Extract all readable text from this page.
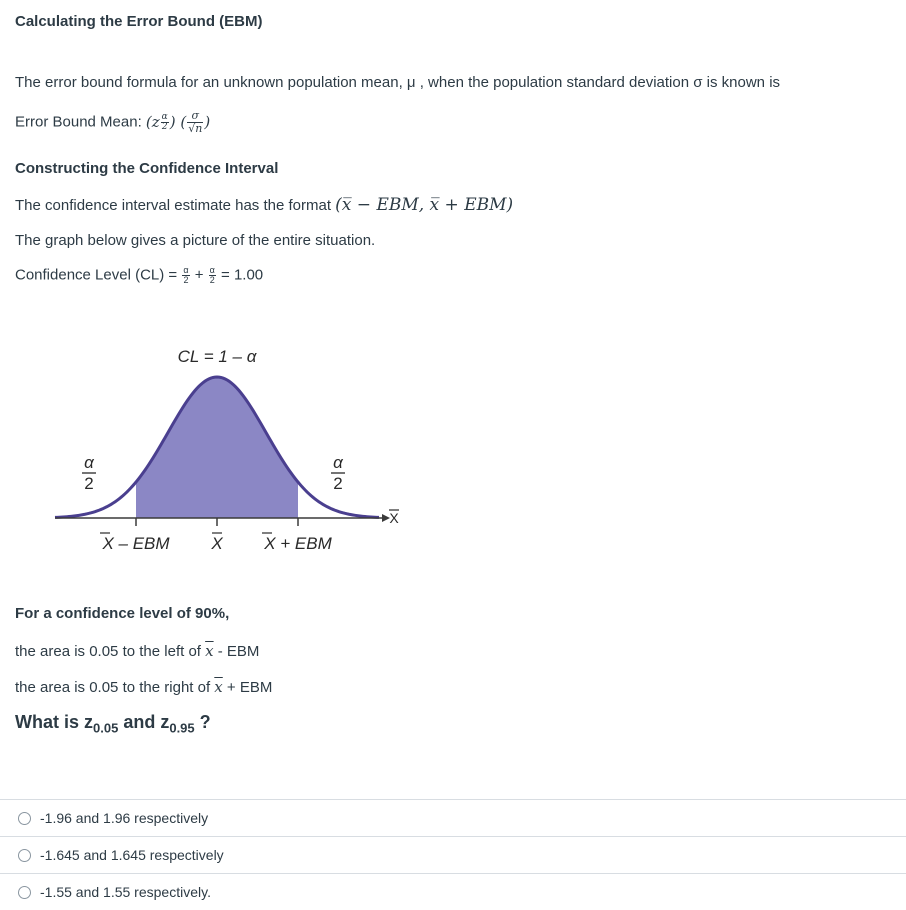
Calculating the Error Bound (EBM)
The error bound formula for an unknown population mean, μ , when the population standard deviation σ is known is
Error Bound Mean: ($z \frac{\alpha}{2}$ ) ( $\frac{\sigma}{√n}$ )
Constructing the Confidence Interval
The confidence interval estimate has the format (x̅ − EBM, x̅ + EBM)
The graph below gives a picture of the entire situation.
Confidence Level $(CL) = \frac{\alpha}{2} + \frac{\alpha}{2} = 1.00$
CL = 1 – α
α
2
α
2
X
X – EBM X X + EBM
For a confidence level of 90%,
the area is 0.05 to the left of $\overline{x}$ - EBM
the area is 0.05 to the right of $\overline{x}$ + EBM
What is $z_{0.05}$ and $z_{0.95}$ ?
-1.96 and 1.96 respectively
-1.645 and 1.645 respectively
-1.55 and 1.55 respectively.
